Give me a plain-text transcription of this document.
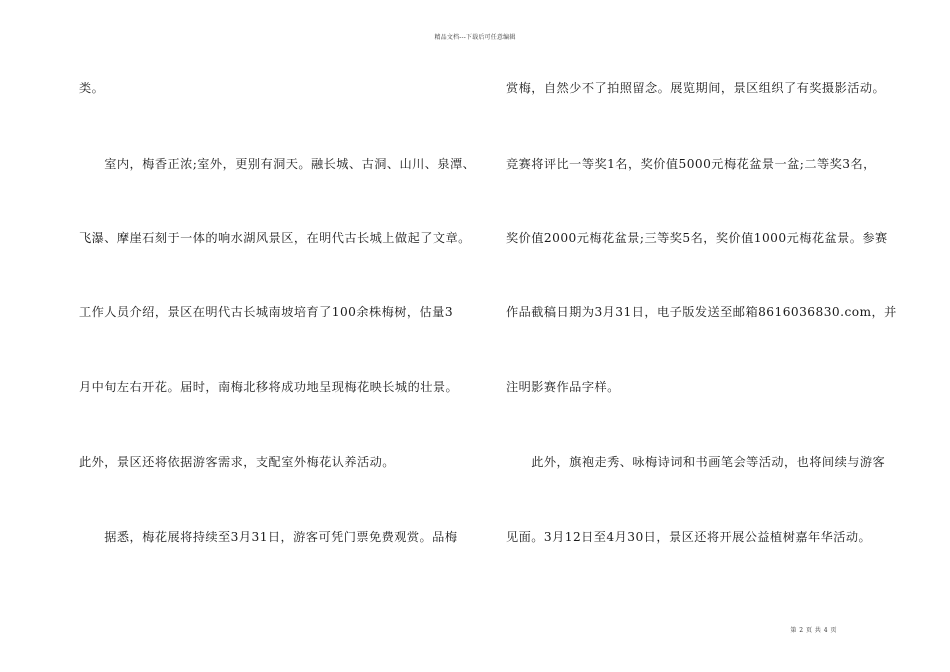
精品文档---下载后可任意编辑
类。
　　室内，梅香正浓;室外，更别有洞天。融长城、古洞、山川、泉潭、
飞瀑、摩崖石刻于一体的响水湖风景区，在明代古长城上做起了文章。
工作人员介绍，景区在明代古长城南坡培育了100余株梅树，估量3
月中旬左右开花。届时，南梅北移将成功地呈现梅花映长城的壮景。
此外，景区还将依据游客需求，支配室外梅花认养活动。
　　据悉，梅花展将持续至3月31日，游客可凭门票免费观赏。品梅
赏梅，自然少不了拍照留念。展览期间，景区组织了有奖摄影活动。
竞赛将评比一等奖1名，奖价值5000元梅花盆景一盆;二等奖3名，
奖价值2000元梅花盆景;三等奖5名，奖价值1000元梅花盆景。参赛
作品截稿日期为3月31日，电子版发送至邮箱8616036830.com，并
注明影赛作品字样。
　　此外，旗袍走秀、咏梅诗词和书画笔会等活动，也将间续与游客
见面。3月12日至4月30日，景区还将开展公益植树嘉年华活动。
第 2 页 共 4 页
